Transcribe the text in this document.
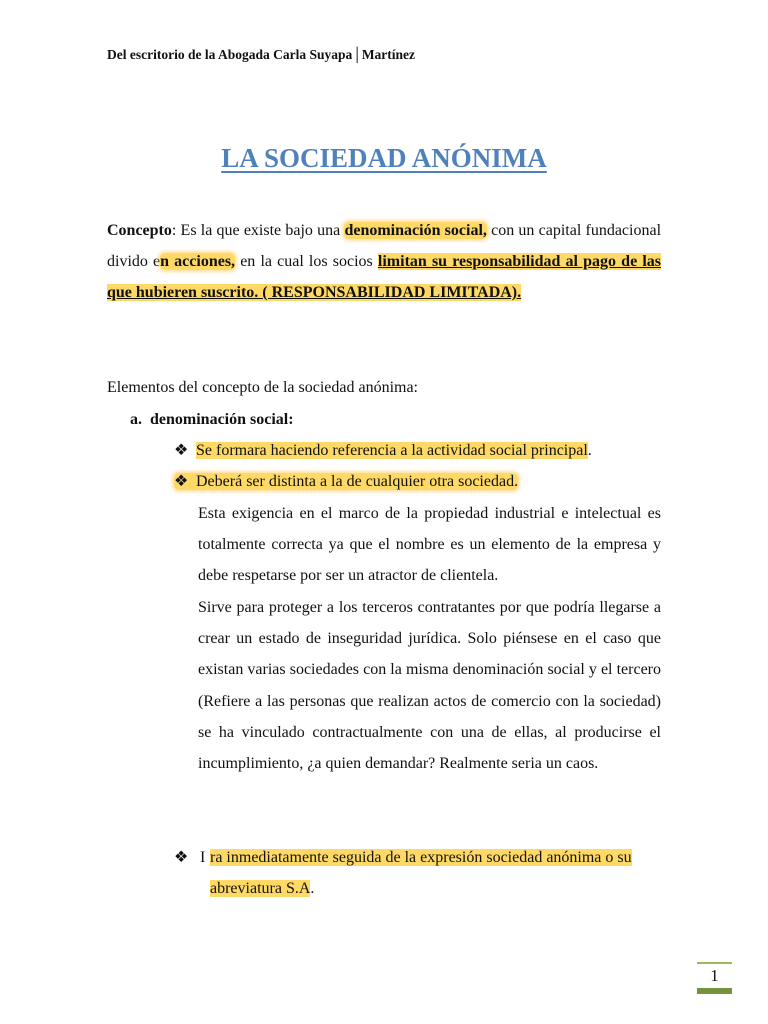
Del escritorio de la Abogada Carla Suyapa│Martínez
LA SOCIEDAD ANÓNIMA
Concepto: Es la que existe bajo una denominación social, con un capital fundacional divido en acciones, en la cual los socios limitan su responsabilidad al pago de las que hubieren suscrito. ( RESPONSABILIDAD LIMITADA).
Elementos del concepto de la sociedad anónima:
a. denominación social:
❖ Se formara haciendo referencia a la actividad social principal.
❖ Deberá ser distinta a la de cualquier otra sociedad.
Esta exigencia en el marco de la propiedad industrial e intelectual es totalmente correcta ya que el nombre es un elemento de la empresa y debe respetarse por ser un atractor de clientela.
Sirve para proteger a los terceros contratantes por que podría llegarse a crear un estado de inseguridad jurídica. Solo piénsese en el caso que existan varias sociedades con la misma denominación social y el tercero (Refiere a las personas que realizan actos de comercio con la sociedad) se ha vinculado contractualmente con una de ellas, al producirse el incumplimiento, ¿a quien demandar? Realmente seria un caos.
❖ I ra inmediatamente seguida de la expresión sociedad anónima o su abreviatura S.A.
1
